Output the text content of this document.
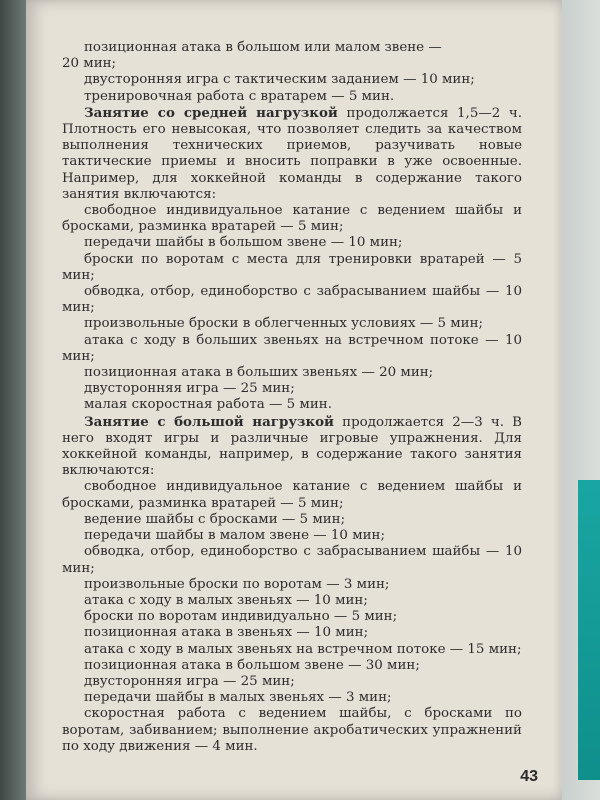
позиционная атака в большом или малом звене —

20 мин;

двусторонняя игра с тактическим заданием — 10 мин;

тренировочная работа с вратарем — 5 мин.

Занятие со средней нагрузкой продолжается 1,5—2 ч. Плотность его невысокая, что позволяет следить за качеством выполнения технических приемов, разучивать новые тактические приемы и вносить поправки в уже освоенные. Например, для хоккейной команды в содержание такого занятия включаются:

свободное индивидуальное катание с ведением шайбы и бросками, разминка вратарей — 5 мин;

передачи шайбы в большом звене — 10 мин;

броски по воротам с места для тренировки вратарей — 5 мин;

обводка, отбор, единоборство с забрасыванием шайбы — 10 мин;

произвольные броски в облегченных условиях — 5 мин;

атака с ходу в больших звеньях на встречном потоке — 10 мин;

позиционная атака в больших звеньях — 20 мин;

двусторонняя игра — 25 мин;

малая скоростная работа — 5 мин.

Занятие с большой нагрузкой продолжается 2—3 ч. В него входят игры и различные игровые упражнения. Для хоккейной команды, например, в содержание такого занятия включаются:

свободное индивидуальное катание с ведением шайбы и бросками, разминка вратарей — 5 мин;

ведение шайбы с бросками — 5 мин;

передачи шайбы в малом звене — 10 мин;

обводка, отбор, единоборство с забрасыванием шайбы — 10 мин;

произвольные броски по воротам — 3 мин;

атака с ходу в малых звеньях — 10 мин;

броски по воротам индивидуально — 5 мин;

позиционная атака в звеньях — 10 мин;

атака с ходу в малых звеньях на встречном потоке — 15 мин;

позиционная атака в большом звене — 30 мин;

двусторонняя игра — 25 мин;

передачи шайбы в малых звеньях — 3 мин;

скоростная работа с ведением шайбы, с бросками по воротам, забиванием; выполнение акробатических упражнений по ходу движения — 4 мин.

43
